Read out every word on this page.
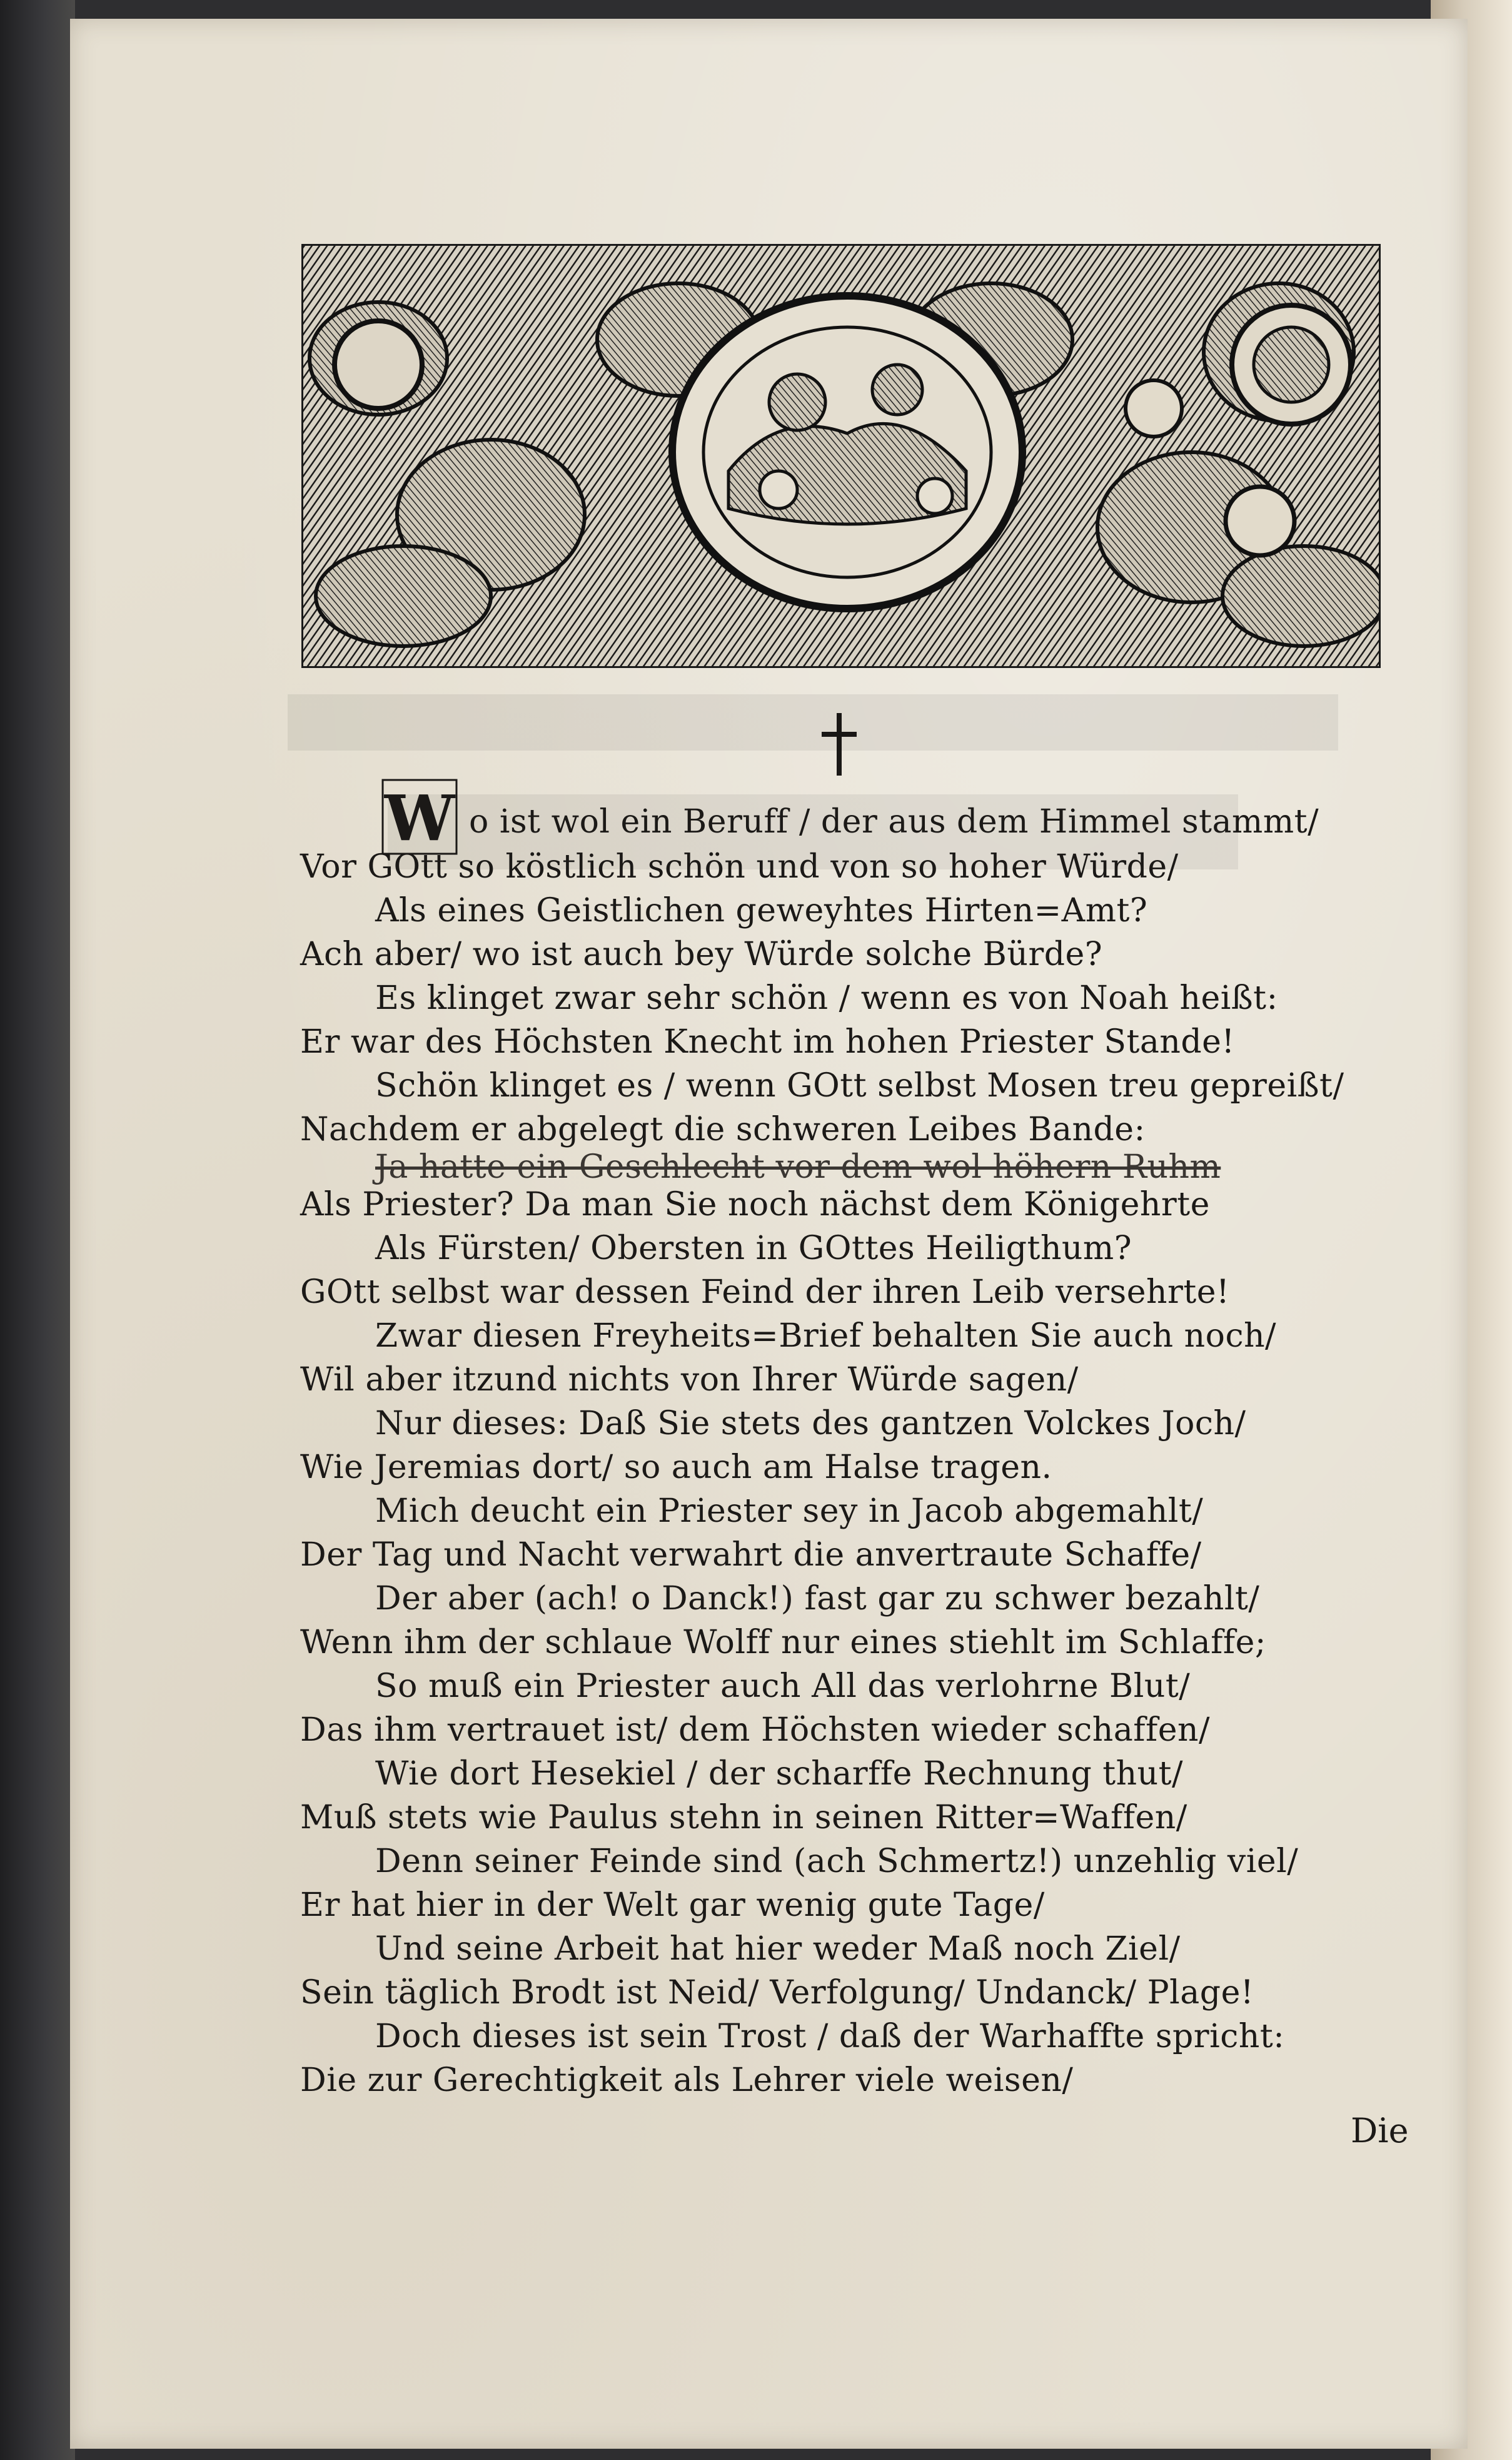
W o ist wol ein Beruff / der aus dem Himmel stammt/
Vor GOtt so köstlich schön und von so hoher Würde/
Als eines Geistlichen geweyhtes Hirten=Amt?
Ach aber/ wo ist auch bey Würde solche Bürde?
Es klinget zwar sehr schön / wenn es von Noah heißt:
Er war des Höchsten Knecht im hohen Priester Stande!
Schön klinget es / wenn GOtt selbst Mosen treu gepreißt/
Nachdem er abgelegt die schweren Leibes Bande:
Ja hatte ein Geschlecht vor dem wol höhern Ruhm
Als Priester? Da man Sie noch nächst dem Königehrte
Als Fürsten/ Obersten in GOttes Heiligthum?
GOtt selbst war dessen Feind der ihren Leib versehrte!
Zwar diesen Freyheits=Brief behalten Sie auch noch/
Wil aber itzund nichts von Ihrer Würde sagen/
Nur dieses: Daß Sie stets des gantzen Volckes Joch/
Wie Jeremias dort/ so auch am Halse tragen.
Mich deucht ein Priester sey in Jacob abgemahlt/
Der Tag und Nacht verwahrt die anvertraute Schaffe/
Der aber (ach! o Danck!) fast gar zu schwer bezahlt/
Wenn ihm der schlaue Wolff nur eines stiehlt im Schlaffe;
So muß ein Priester auch All das verlohrne Blut/
Das ihm vertrauet ist/ dem Höchsten wieder schaffen/
Wie dort Hesekiel / der scharffe Rechnung thut/
Muß stets wie Paulus stehn in seinen Ritter=Waffen/
Denn seiner Feinde sind (ach Schmertz!) unzehlig viel/
Er hat hier in der Welt gar wenig gute Tage/
Und seine Arbeit hat hier weder Maß noch Ziel/
Sein täglich Brodt ist Neid/ Verfolgung/ Undanck/ Plage!
Doch dieses ist sein Trost / daß der Warhaffte spricht:
Die zur Gerechtigkeit als Lehrer viele weisen/
Die
